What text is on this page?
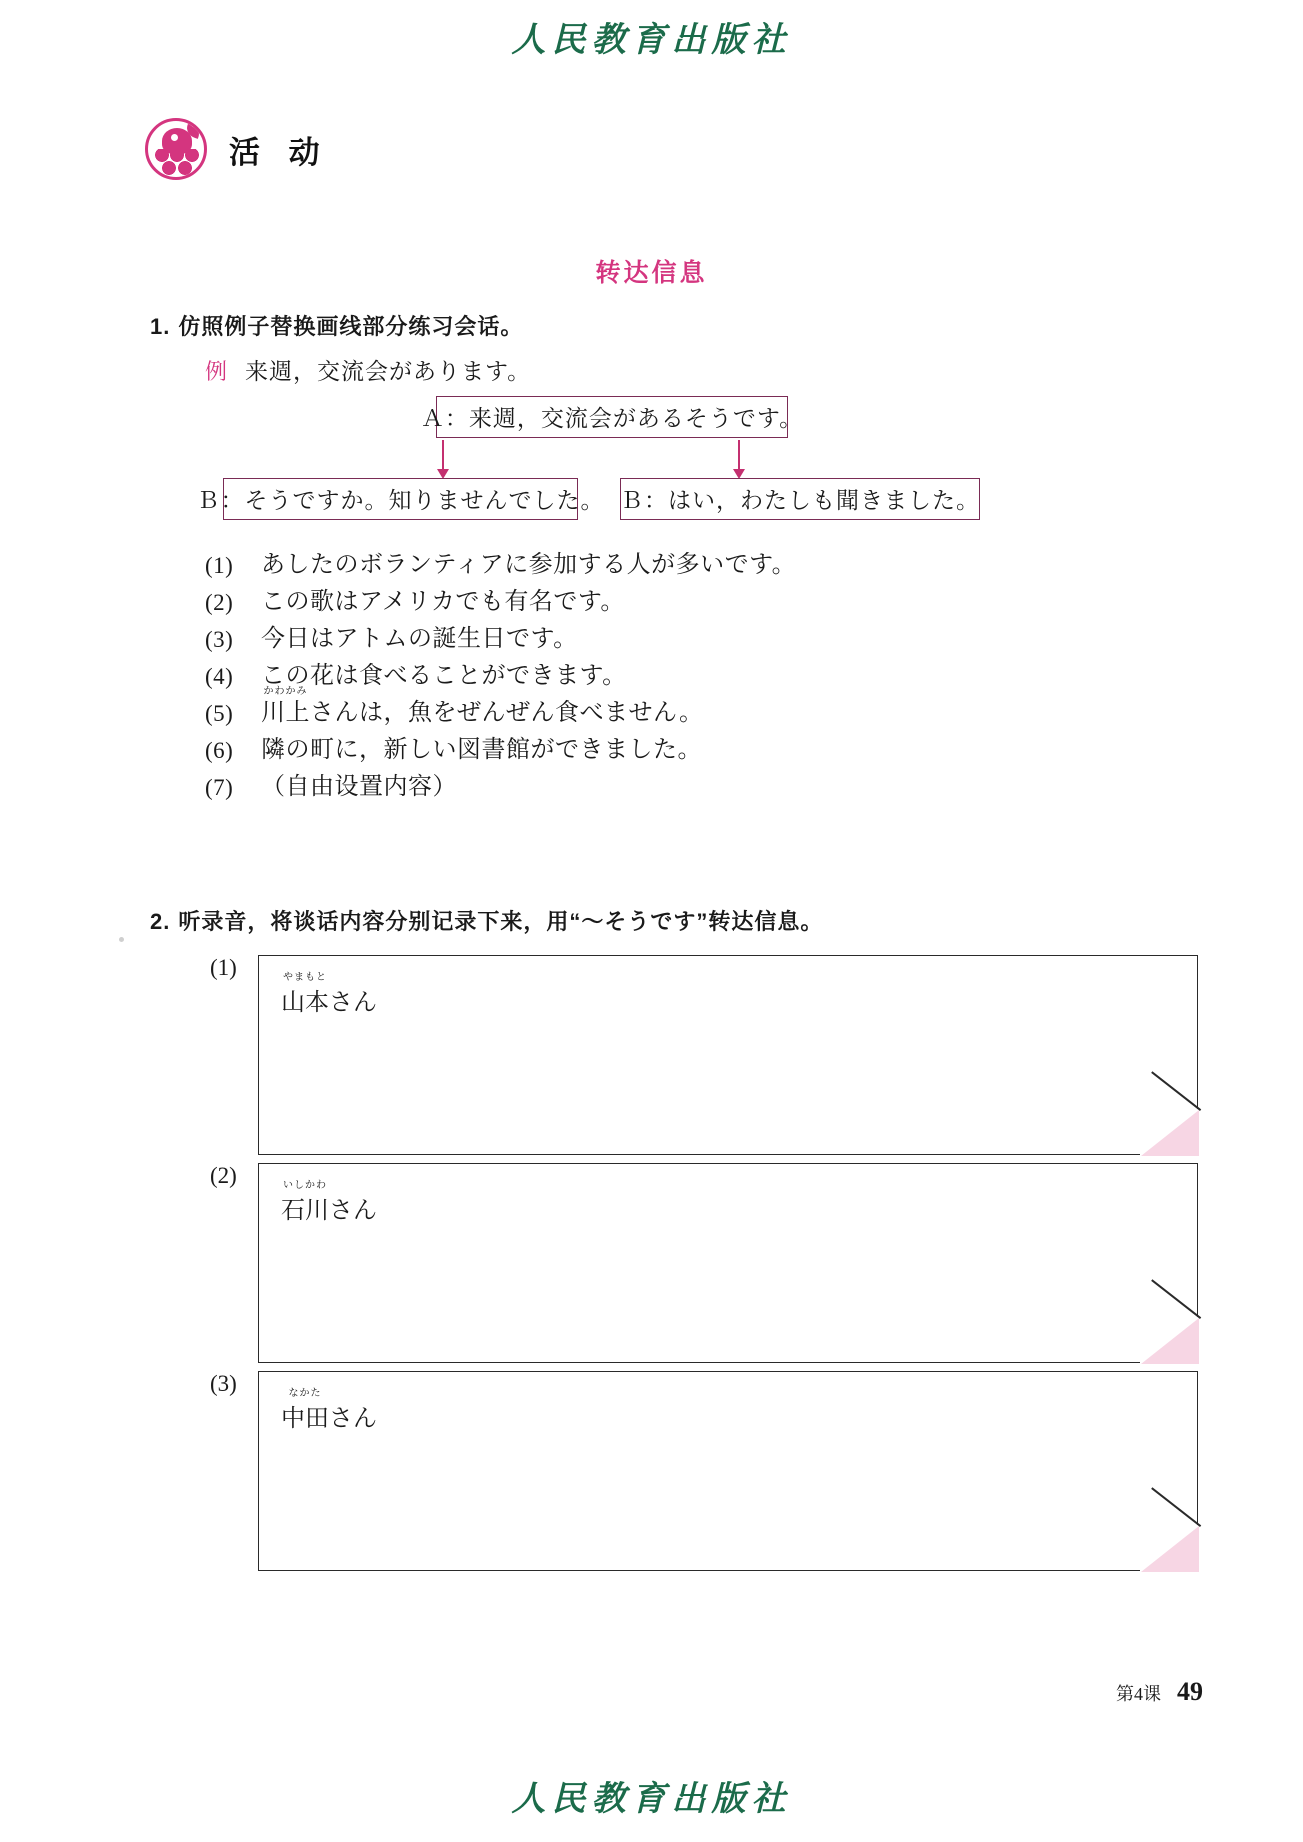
人民教育出版社
活 动
转达信息
1. 仿照例子替换画线部分练习会话。
例 来週，交流会があります。
Ａ：来週，交流会があるそうです。
Ｂ：そうですか。知りませんでした。 Ｂ：はい，わたしも聞きました。
(1)	あしたのボランティアに参加する人が多いです。
(2)	この歌はアメリカでも有名です。
(3)	今日はアトムの誕生日です。
(4)	この花は食べることができます。
(5)
かわかみ
川上 さんは，魚をぜんぜん食べません。
(6)	隣の町に，新しい図書館ができました。
(7)	（自由设置内容）
2. 听录音，将谈话内容分别记录下来，用“～そうです”转达信息。
(1)	やまもと
山本さん
(2)	いしかわ
石川さん
(3)	なかた
中田さん
第4课 49
人民教育出版社
